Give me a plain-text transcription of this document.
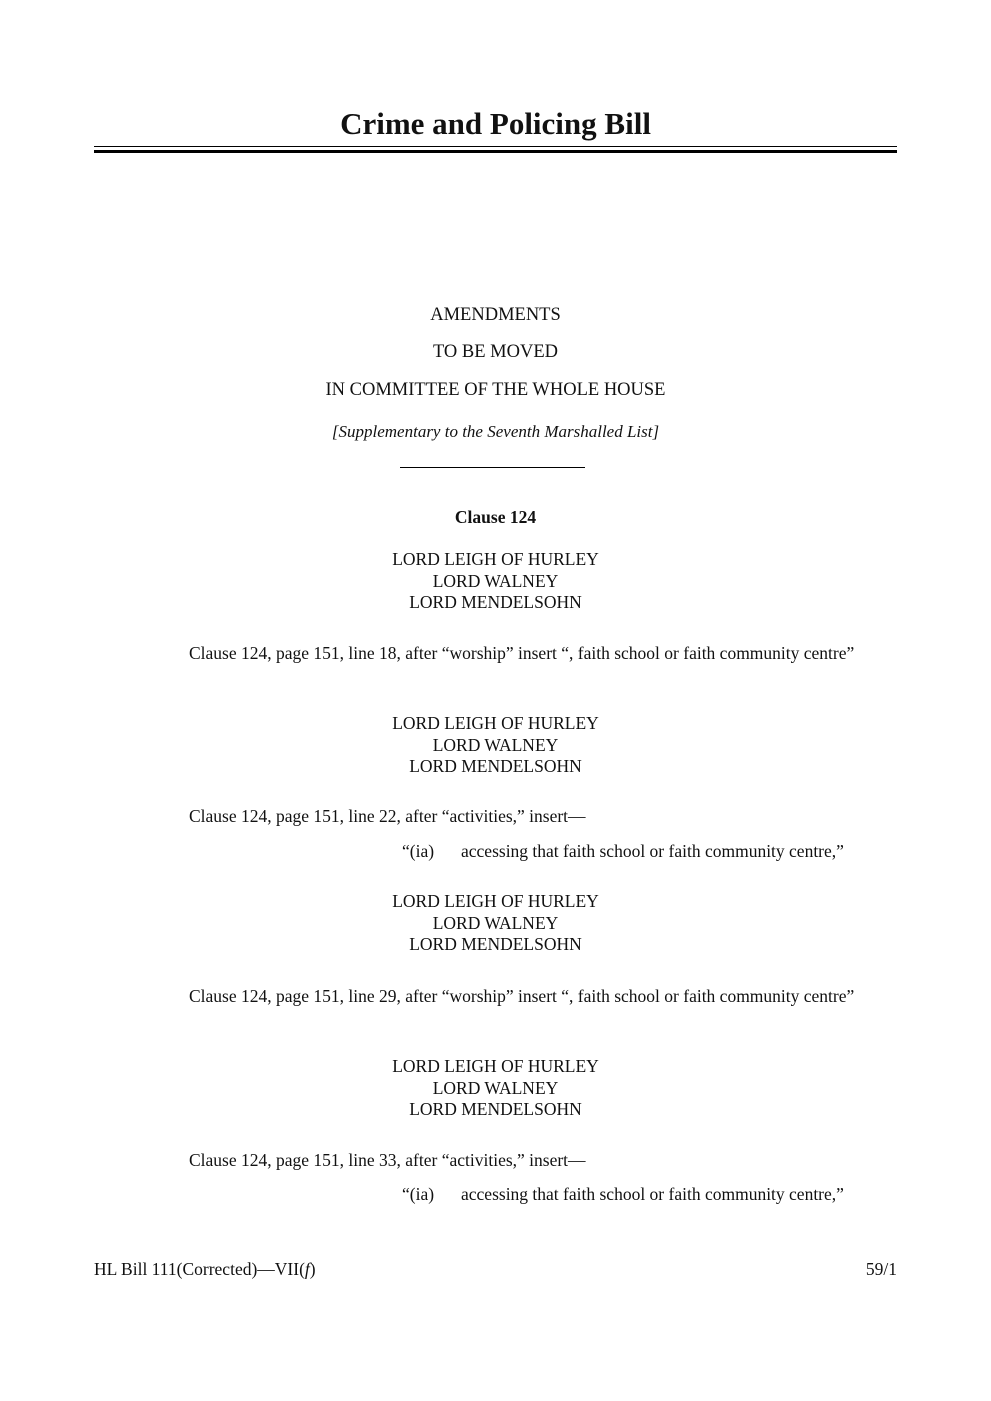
Crime and Policing Bill
AMENDMENTS
TO BE MOVED
IN COMMITTEE OF THE WHOLE HOUSE
[Supplementary to the Seventh Marshalled List]
Clause 124
LORD LEIGH OF HURLEY
LORD WALNEY
LORD MENDELSOHN
Clause 124, page 151, line 18, after “worship” insert “, faith school or faith community centre”
LORD LEIGH OF HURLEY
LORD WALNEY
LORD MENDELSOHN
Clause 124, page 151, line 22, after “activities,” insert—
“(ia) accessing that faith school or faith community centre,”
LORD LEIGH OF HURLEY
LORD WALNEY
LORD MENDELSOHN
Clause 124, page 151, line 29, after “worship” insert “, faith school or faith community centre”
LORD LEIGH OF HURLEY
LORD WALNEY
LORD MENDELSOHN
Clause 124, page 151, line 33, after “activities,” insert—
“(ia) accessing that faith school or faith community centre,”
HL Bill 111(Corrected)—VII(f)	59/1
